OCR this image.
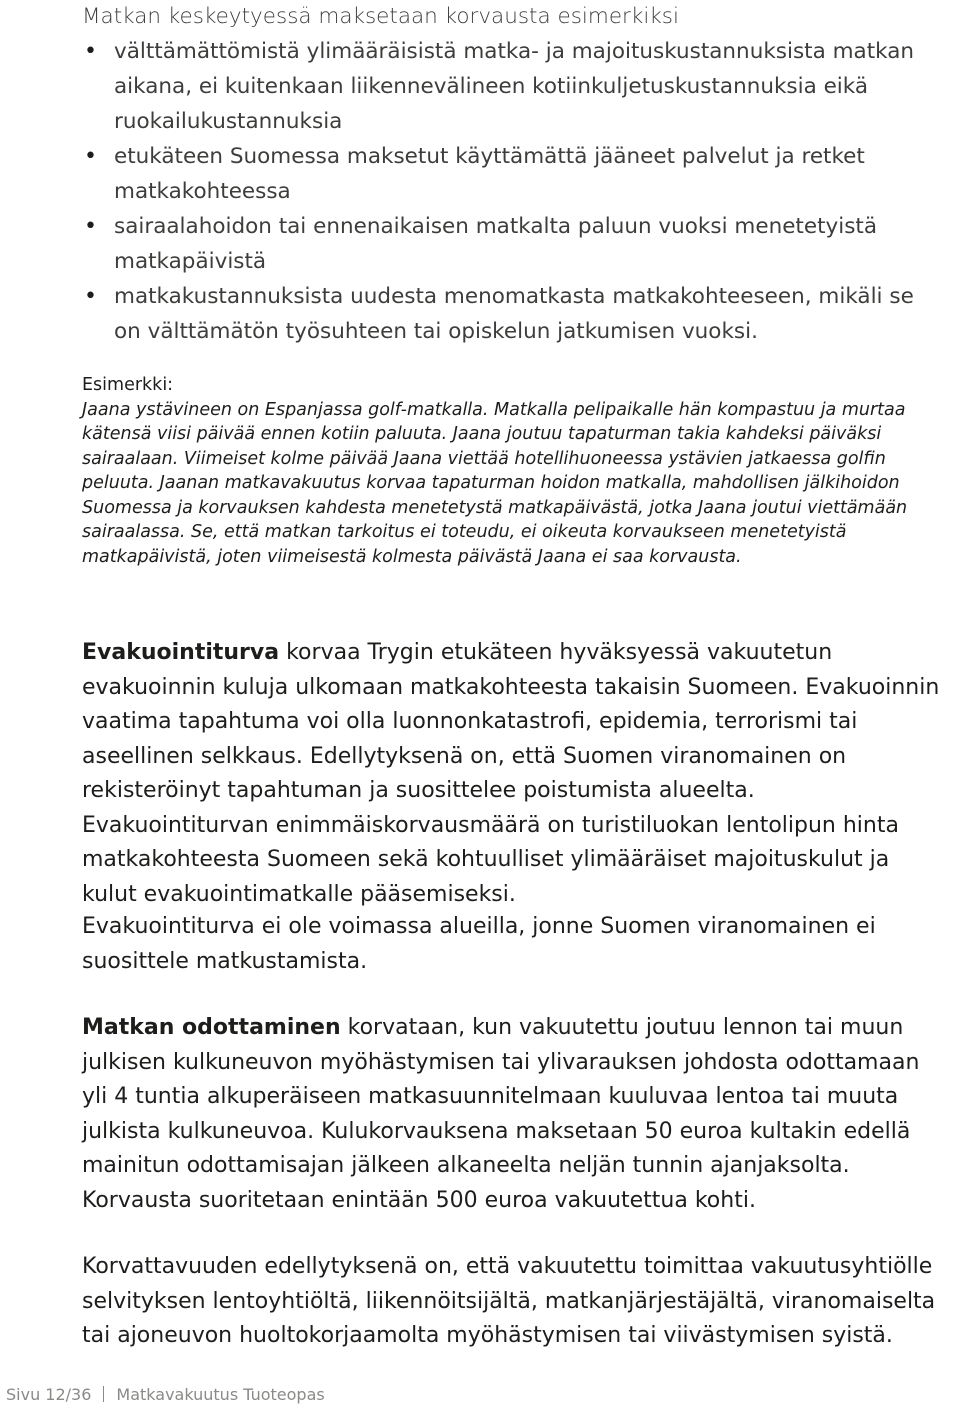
Matkan keskeytyessä maksetaan korvausta esimerkiksi

• välttämättömistä ylimääräisistä matka- ja majoituskustannuksista matkan aikana, ei kuitenkaan liikennevälineen kotiinkuljetuskustannuksia eikä ruokailukustannuksia
• etukäteen Suomessa maksetut käyttämättä jääneet palvelut ja retket matkakohteessa
• sairaalahoidon tai ennenaikaisen matkalta paluun vuoksi menetetyistä matkapäivistä
• matkakustannuksista uudesta menomatkasta matkakohteeseen, mikäli se on välttämätön työsuhteen tai opiskelun jatkumisen vuoksi.
Esimerkki:
Jaana ystävineen on Espanjassa golf-matkalla. Matkalla pelipaikalle hän kompastuu ja murtaa kätensä viisi päivää ennen kotiin paluuta. Jaana joutuu tapaturman takia kahdeksi päiväksi sairaalaan. Viimeiset kolme päivää Jaana viettää hotellihuoneessa ystävien jatkaessa golfin peluuta. Jaanan matkavakuutus korvaa tapaturman hoidon matkalla, mahdollisen jälkihoidon Suomessa ja korvauksen kahdesta menetetystä matkapäivästä, jotka Jaana joutui viettämään sairaalassa. Se, että matkan tarkoitus ei toteudu, ei oikeuta korvaukseen menetetyistä matkapäivistä, joten viimeisestä kolmesta päivästä Jaana ei saa korvausta.

Evakuointiturva korvaa Trygin etukäteen hyväksyessä vakuutetun evakuoinnin kuluja ulkomaan matkakohteesta takaisin Suomeen. Evakuoinnin vaatima tapahtuma voi olla luonnonkatastrofi, epidemia, terrorismi tai aseellinen selkkaus. Edellytyksenä on, että Suomen viranomainen on rekisteröinyt tapahtuman ja suosittelee poistumista alueelta. Evakuointiturvan enimmäiskorvausmäärä on turistiluokan lentolipun hinta matkakohteesta Suomeen sekä kohtuulliset ylimääräiset majoituskulut ja kulut evakuointimatkalle pääsemiseksi.

Evakuointiturva ei ole voimassa alueilla, jonne Suomen viranomainen ei suosittele matkustamista.

Matkan odottaminen korvataan, kun vakuutettu joutuu lennon tai muun julkisen kulkuneuvon myöhästymisen tai ylivarauksen johdosta odottamaan yli 4 tuntia alkuperäiseen matkasuunnitelmaan kuuluvaa lentoa tai muuta julkista kulkuneuvoa. Kulukorvauksena maksetaan 50 euroa kultakin edellä mainitun odottamisajan jälkeen alkaneelta neljän tunnin ajanjaksolta. Korvausta suoritetaan enintään 500 euroa vakuutettua kohti.

Korvattavuuden edellytyksenä on, että vakuutettu toimittaa vakuutusyhtiölle selvityksen lentoyhtiöltä, liikennöitsijältä, matkanjärjestäjältä, viranomaiselta tai ajoneuvon huoltokorjaamolta myöhästymisen tai viivästymisen syistä.

Sivu 12/36 Matkavakuutus Tuoteopas
